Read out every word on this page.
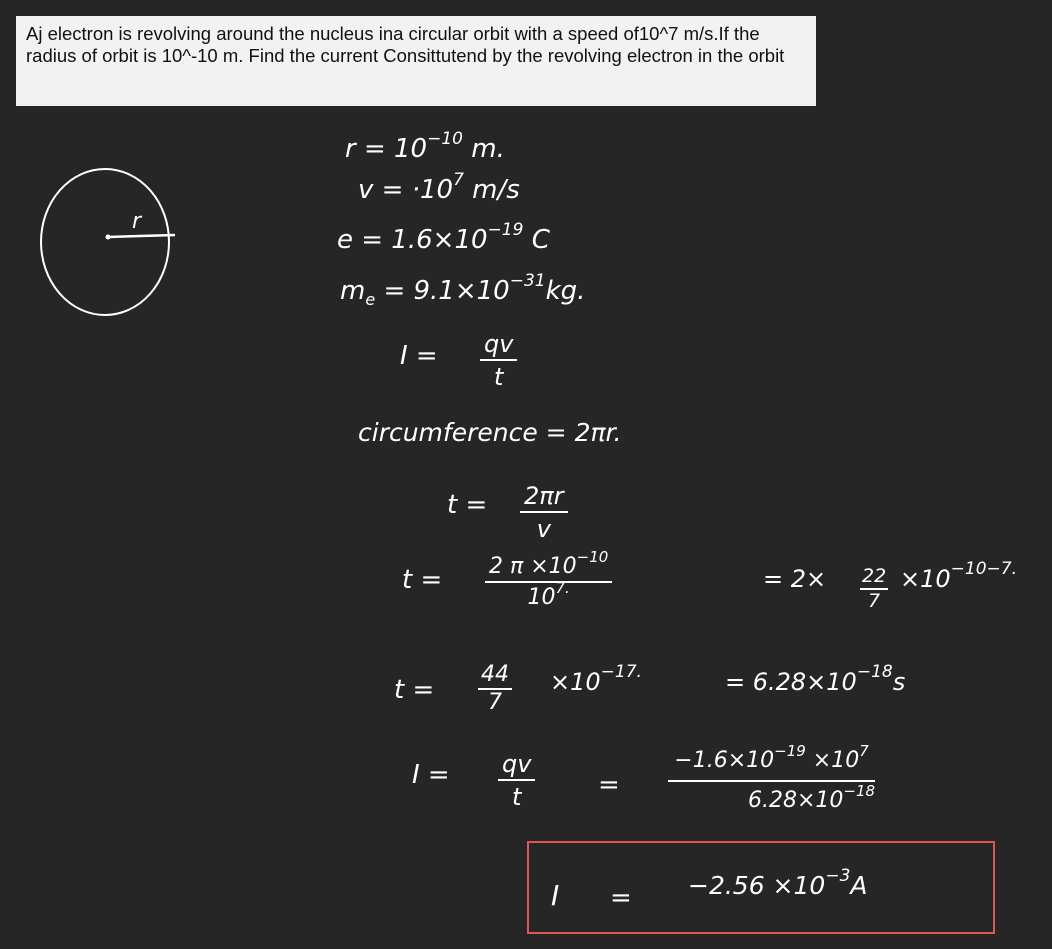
Aj electron is revolving around the nucleus ina circular orbit with a speed of10^7 m/s.If the radius of orbit is 10^-10 m. Find the current Consittutend by the revolving electron in the orbit
r
$r = 10^{-10}$ m.
$v = \cdot 10^7$ m/s
$e = 1.6\times 10^{-19}$ C
$m_e = 9.1\times 10^{-31}kg$.
$I = \frac{qv}{t}$
circumference = 2πr.
$t = \frac{2\pi r}{v}$
$t = \frac{2 \pi \times 10^{-10}}{10^{7.}}$	= $2\times \frac{22}{7} \times 10^{-10-7.}$
$t = \frac{44}{7} \times 10^{-17.}$	= $6.28\times 10^{-18}s$
$I = \frac{qv}{t} = \frac{-1.6\times 10^{-19} \times 10^7}{6.28\times 10^{-18}}$
$I = -2.56 \times 10^{-3}A$
